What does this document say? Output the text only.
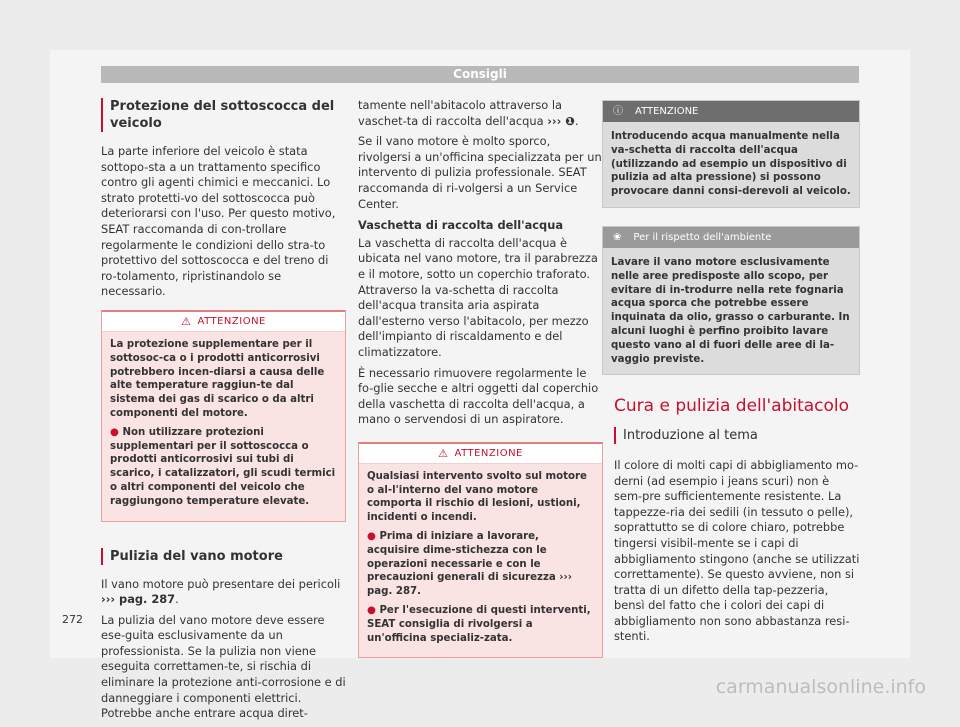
Consigli
Protezione del sottoscocca del veicolo

La parte inferiore del veicolo è stata sottopo-sta a un trattamento specifico contro gli agenti chimici e meccanici. Lo strato protetti-vo del sottoscocca può deteriorarsi con l'uso. Per questo motivo, SEAT raccomanda di con-trollare regolarmente le condizioni dello stra-to protettivo del sottoscocca e del treno di ro-tolamento, ripristinandolo se necessario.

⚠ ATTENZIONE

La protezione supplementare per il sottosoc-ca o i prodotti anticorrosivi potrebbero incen-diarsi a causa delle alte temperature raggiun-te dal sistema dei gas di scarico o da altri componenti del motore.

● Non utilizzare protezioni supplementari per il sottoscocca o prodotti anticorrosivi sui tubi di scarico, i catalizzatori, gli scudi termici o altri componenti del veicolo che raggiungono temperature elevate.

Pulizia del vano motore

Il vano motore può presentare dei pericoli ››› pag. 287.

La pulizia del vano motore deve essere ese-guita esclusivamente da un professionista. Se la pulizia non viene eseguita correttamen-te, si rischia di eliminare la protezione anti-corrosione e di danneggiare i componenti elettrici. Potrebbe anche entrare acqua diret-

tamente nell'abitacolo attraverso la vaschet-ta di raccolta dell'acqua ››› ❶.

Se il vano motore è molto sporco, rivolgersi a un'officina specializzata per un intervento di pulizia professionale. SEAT raccomanda di ri-volgersi a un Service Center.

Vaschetta di raccolta dell'acqua

La vaschetta di raccolta dell'acqua è ubicata nel vano motore, tra il parabrezza e il motore, sotto un coperchio traforato. Attraverso la va-schetta di raccolta dell'acqua transita aria aspirata dall'esterno verso l'abitacolo, per mezzo dell'impianto di riscaldamento e del climatizzatore.

È necessario rimuovere regolarmente le fo-glie secche e altri oggetti dal coperchio della vaschetta di raccolta dell'acqua, a mano o servendosi di un aspiratore.

⚠ ATTENZIONE

Qualsiasi intervento svolto sul motore o al-l'interno del vano motore comporta il rischio di lesioni, ustioni, incidenti o incendi.

● Prima di iniziare a lavorare, acquisire dime-stichezza con le operazioni necessarie e con le precauzioni generali di sicurezza ››› pag. 287.

● Per l'esecuzione di questi interventi, SEAT consiglia di rivolgersi a un'officina specializ-zata.

ⓘ ATTENZIONE
Introducendo acqua manualmente nella va-schetta di raccolta dell'acqua (utilizzando ad esempio un dispositivo di pulizia ad alta pressione) si possono provocare danni consi-derevoli al veicolo.
❀ Per il rispetto dell'ambiente
Lavare il vano motore esclusivamente nelle aree predisposte allo scopo, per evitare di in-trodurre nella rete fognaria acqua sporca che potrebbe essere inquinata da olio, grasso o carburante. In alcuni luoghi è perfino proibito lavare questo vano al di fuori delle aree di la-vaggio previste.
Cura e pulizia dell'abitacolo
Introduzione al tema

Il colore di molti capi di abbigliamento mo-derni (ad esempio i jeans scuri) non è sem-pre sufficientemente resistente. La tappezze-ria dei sedili (in tessuto o pelle), soprattutto se di colore chiaro, potrebbe tingersi visibil-mente se i capi di abbigliamento stingono (anche se utilizzati correttamente). Se questo avviene, non si tratta di un difetto della tap-pezzeria, bensì del fatto che i colori dei capi di abbigliamento non sono abbastanza resi-stenti.

272
carmanualsonline.info
